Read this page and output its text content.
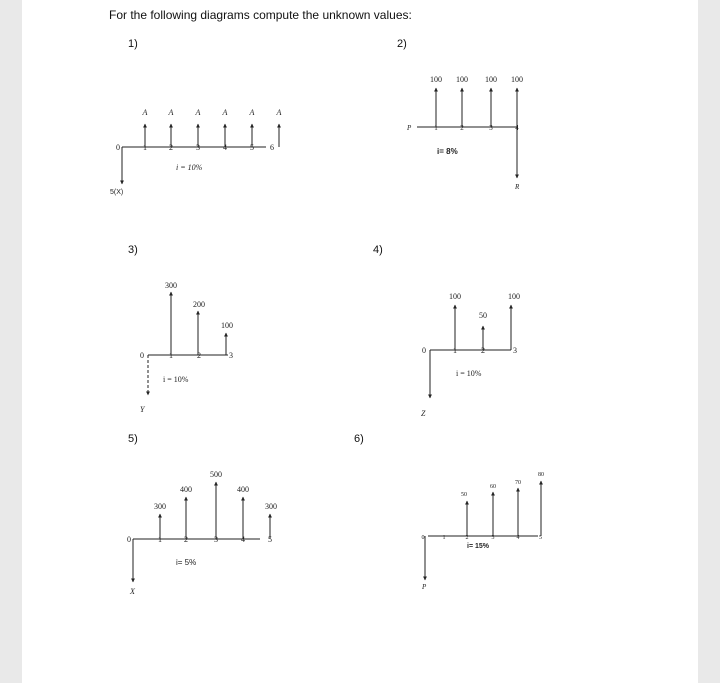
For the following diagrams compute the unknown values:
1)	2)
3)	4)
5)	6)
A	A	A	A	A	A
0	1	2	3	4	5 6
i = 10%
5(X)
100 100 100 100
P	1	2	3	4
i= 8%
R
300
200
100
0	1	2	3
i = 10%
Y
100
50
100
0	1	2	3
i = 10%
Z
300
400
500
400
300
0	1	2	3	4	5
i= 5%
X
50
60
70
80
0	1	2	3	4	5
i= 15%
P
